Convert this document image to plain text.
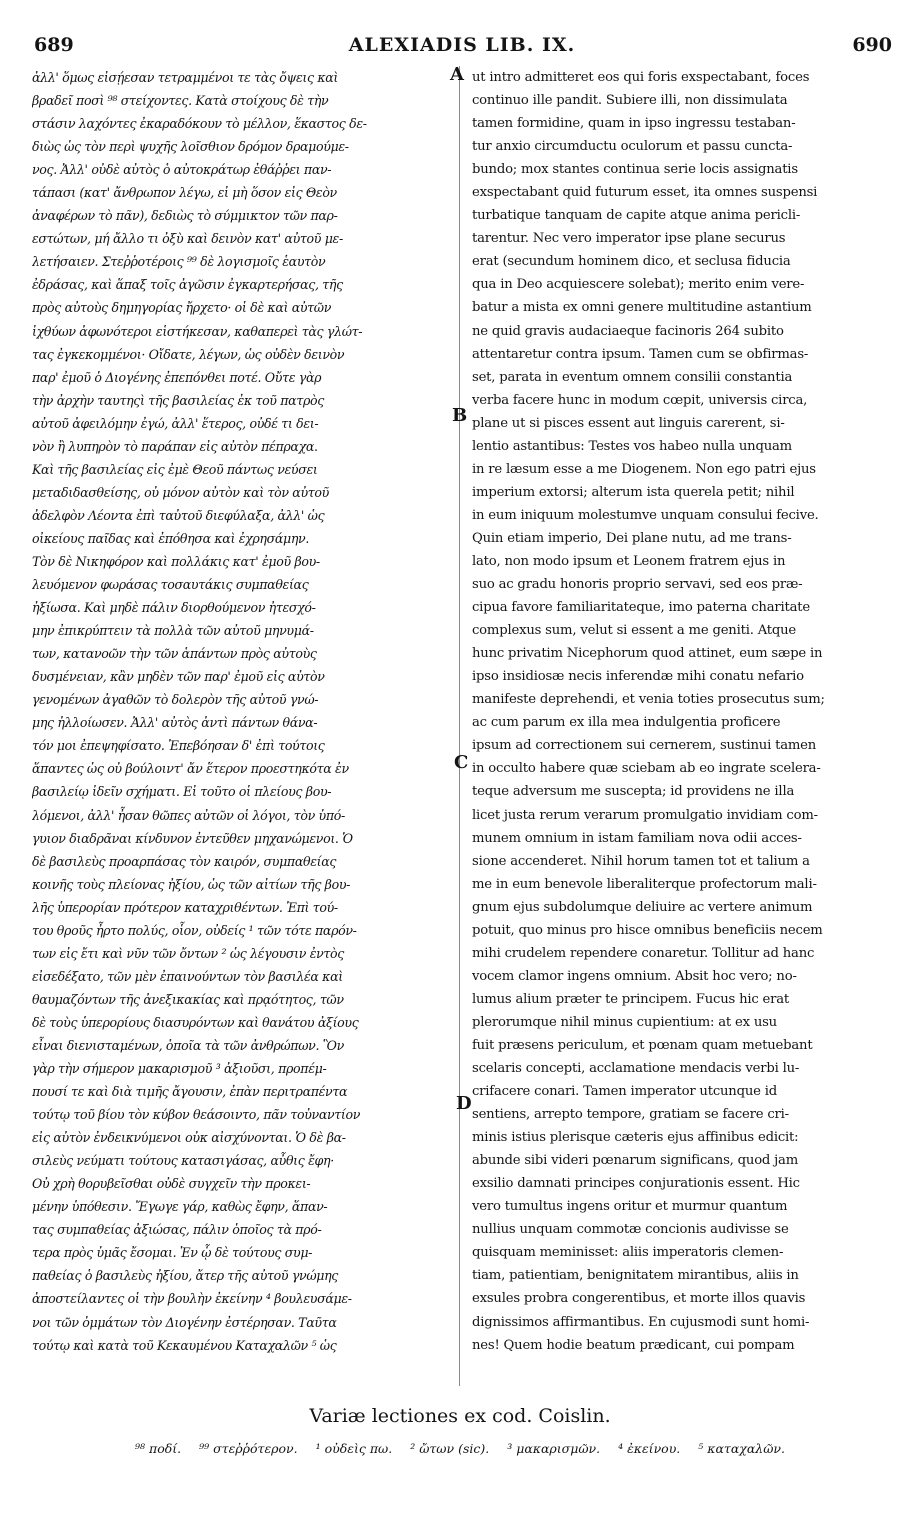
689	ALEXIADIS LIB. IX.	690
ἀλλ' ὅμως εἰσῄεσαν τετραμμένοι τε τὰς ὄψεις καὶ
βραδεῖ ποσὶ ⁹⁸ στείχοντες. Κατὰ στοίχους δὲ τὴν
στάσιν λαχόντες ἐκαραδόκουν τὸ μέλλον, ἕκαστος δε-
διὼς ὡς τὸν περὶ ψυχῆς λοῖσθιον δρόμον δραμούμε-
νος. Ἀλλ' οὐδὲ αὐτὸς ὁ αὐτοκράτωρ ἐθάῤῥει παν-
τάπασι (κατ' ἄνθρωπον λέγω, εἰ μὴ ὅσον εἰς Θεὸν
ἀναφέρων τὸ πᾶν), δεδιὼς τὸ σύμμικτον τῶν παρ-
εστώτων, μή ἄλλο τι ὀξὺ καὶ δεινὸν κατ' αὐτοῦ με-
λετήσαιεν. Στεῤῥοτέροις ⁹⁹ δὲ λογισμοῖς ἑαυτὸν
ἐδράσας, καὶ ἅπαξ τοῖς ἀγῶσιν ἐγκαρτερήσας, τῆς
πρὸς αὐτοὺς δημηγορίας ἤρχετο· οἱ δὲ καὶ αὐτῶν
ἰχθύων ἀφωνότεροι εἱστήκεσαν, καθαπερεὶ τὰς γλώτ-
τας ἐγκεκομμένοι· Οἴδατε, λέγων, ὡς οὐδὲν δεινὸν
παρ' ἐμοῦ ὁ Διογένης ἐπεπόνθει ποτέ. Οὔτε γὰρ
τὴν ἀρχὴν ταυτηςὶ τῆς βασιλείας ἐκ τοῦ πατρὸς
αὐτοῦ ἀφειλόμην ἐγώ, ἀλλ' ἕτερος, οὐδέ τι δει-
νὸν ἢ λυπηρὸν τὸ παράπαν εἰς αὐτὸν πέπραχα.
Καὶ τῆς βασιλείας εἰς ἐμὲ Θεοῦ πάντως νεύσει
μεταδιδασθείσης, οὐ μόνον αὐτὸν καὶ τὸν αὐτοῦ
ἀδελφὸν Λέοντα ἐπὶ ταὐτοῦ διεφύλαξα, ἀλλ' ὡς
οἰκείους παῖδας καὶ ἐπόθησα καὶ ἐχρησάμην.
Τὸν δὲ Νικηφόρον καὶ πολλάκις κατ' ἐμοῦ βου-
λευόμενον φωράσας τοσαυτάκις συμπαθείας
ἠξίωσα. Καὶ μηδὲ πάλιν διορθούμενον ἠτεσχό-
μην ἐπικρύπτειν τὰ πολλὰ τῶν αὐτοῦ μηνυμά-
των, κατανοῶν τὴν τῶν ἁπάντων πρὸς αὐτοὺς
δυσμένειαν, κἂν μηδὲν τῶν παρ' ἐμοῦ εἰς αὐτὸν
γενομένων ἀγαθῶν τὸ δολερὸν τῆς αὐτοῦ γνώ-
μης ἠλλοίωσεν. Ἀλλ' αὐτὸς ἀντὶ πάντων θάνα-
τόν μοι ἐπεψηφίσατο. Ἐπεβόησαν δ' ἐπὶ τούτοις
ἅπαντες ὡς οὐ βούλοιντ' ἄν ἕτερον προεστηκότα ἐν
βασιλείῳ ἰδεῖν σχήματι. Εἰ τοῦτο οἱ πλείους βου-
λόμενοι, ἀλλ' ἦσαν θῶπες αὐτῶν οἱ λόγοι, τὸν ὑπό-
γυιον διαδρᾶναι κίνδυνον ἐντεῦθεν μηχανώμενοι. Ὁ
δὲ βασιλεὺς προαρπάσας τὸν καιρόν, συμπαθείας
κοινῆς τοὺς πλείονας ἠξίου, ὡς τῶν αἰτίων τῆς βου-
λῆς ὑπερορίαν πρότερον καταχριθέντων. Ἐπὶ τού-
του θροῦς ἦρτο πολύς, οἷον, οὐδείς ¹ τῶν τότε παρόν-
των εἰς ἔτι καὶ νῦν τῶν ὄντων ² ὡς λέγουσιν ἐντὸς
εἰσεδέξατο, τῶν μὲν ἐπαινούντων τὸν βασιλέα καὶ
θαυμαζόντων τῆς ἀνεξικακίας καὶ πρᾳότητος, τῶν
δὲ τοὺς ὑπερορίους διασυρόντων καὶ θανάτου ἀξίους
εἶναι διενισταμένων, ὁποῖα τὰ τῶν ἀνθρώπων. Ὃν
γὰρ τὴν σήμερον μακαρισμοῦ ³ ἀξιοῦσι, προπέμ-
πουσί τε καὶ διὰ τιμῆς ἄγουσιν, ἐπὰν περιτραπέντα
τούτῳ τοῦ βίου τὸν κύβον θεάσοιντο, πᾶν τοὐναντίον
εἰς αὐτὸν ἐνδεικνύμενοι οὐκ αἰσχύνονται. Ὁ δὲ βα-
σιλεὺς νεύματι τούτους κατασιγάσας, αὖθις ἔφη·
Οὐ χρὴ θορυβεῖσθαι οὐδὲ συγχεῖν τὴν προκει-
μένην ὑπόθεσιν. Ἔγωγε γάρ, καθὼς ἔφην, ἅπαν-
τας συμπαθείας ἀξιώσας, πάλιν ὁποῖος τὰ πρό-
τερα πρὸς ὑμᾶς ἔσομαι. Ἐν ᾧ δὲ τούτους συμ-
παθείας ὁ βασιλεὺς ἠξίου, ἄτερ τῆς αὐτοῦ γνώμης
ἀποστείλαντες οἱ τὴν βουλὴν ἐκείνην ⁴ βουλευσάμε-
νοι τῶν ὀμμάτων τὸν Διογένην ἐστέρησαν. Ταῦτα
τούτῳ καὶ κατὰ τοῦ Κεκαυμένου Καταχαλῶν ⁵ ὡς
ut intro admitteret eos qui foris exspectabant, foces
continuo ille pandit. Subiere illi, non dissimulata
tamen formidine, quam in ipso ingressu testaban-
tur anxio circumductu oculorum et passu cuncta-
bundo; mox stantes continua serie locis assignatis
exspectabant quid futurum esset, ita omnes suspensi
turbatique tanquam de capite atque anima pericli-
tarentur. Nec vero imperator ipse plane securus
erat (secundum hominem dico, et seclusa fiducia
qua in Deo acquiescere solebat); merito enim vere-
batur a mista ex omni genere multitudine astantium
ne quid gravis audaciaeque facinoris 264 subito
attentaretur contra ipsum. Tamen cum se obfirmas-
set, parata in eventum omnem consilii constantia
verba facere hunc in modum cœpit, universis circa,
plane ut si pisces essent aut linguis carerent, si-
lentio astantibus: Testes vos habeo nulla unquam
in re læsum esse a me Diogenem. Non ego patri ejus
imperium extorsi; alterum ista querela petit; nihil
in eum iniquum molestumve unquam consului fecive.
Quin etiam imperio, Dei plane nutu, ad me trans-
lato, non modo ipsum et Leonem fratrem ejus in
suo ac gradu honoris proprio servavi, sed eos præ-
cipua favore familiaritateque, imo paterna charitate
complexus sum, velut si essent a me geniti. Atque
hunc privatim Nicephorum quod attinet, eum sæpe in
ipso insidiosæ necis inferendæ mihi conatu nefario
manifeste deprehendi, et venia toties prosecutus sum;
ac cum parum ex illa mea indulgentia proficere
ipsum ad correctionem sui cernerem, sustinui tamen
in occulto habere quæ sciebam ab eo ingrate scelera-
teque adversum me suscepta; id providens ne illa
licet justa rerum verarum promulgatio invidiam com-
munem omnium in istam familiam nova odii acces-
sione accenderet. Nihil horum tamen tot et talium a
me in eum benevole liberaliterque profectorum mali-
gnum ejus subdolumque deliuire ac vertere animum
potuit, quo minus pro hisce omnibus beneficiis necem
mihi crudelem rependere conaretur. Tollitur ad hanc
vocem clamor ingens omnium. Absit hoc vero; no-
lumus alium præter te principem. Fucus hic erat
plerorumque nihil minus cupientium: at ex usu
fuit præsens periculum, et pœnam quam metuebant
scelaris concepti, acclamatione mendacis verbi lu-
crifacere conari. Tamen imperator utcunque id
sentiens, arrepto tempore, gratiam se facere cri-
minis istius plerisque cæteris ejus affinibus edicit:
abunde sibi videri pœnarum significans, quod jam
exsilio damnati principes conjurationis essent. Hic
vero tumultus ingens oritur et murmur quantum
nullius unquam commotæ concionis audivisse se
quisquam meminisset: aliis imperatoris clemen-
tiam, patientiam, benignitatem mirantibus, aliis in
exsules probra congerentibus, et morte illos quavis
dignissimos affirmantibus. En cujusmodi sunt homi-
nes! Quem hodie beatum prædicant, cui pompam
A
B
C
D
Variæ lectiones ex cod. Coislin.
⁹⁸ ποδί. ⁹⁹ στεῤῥότερον. ¹ οὐδεὶς πω. ² ὤτων (sic). ³ μακαρισμῶν. ⁴ ἐκείνου. ⁵ καταχαλῶν.
